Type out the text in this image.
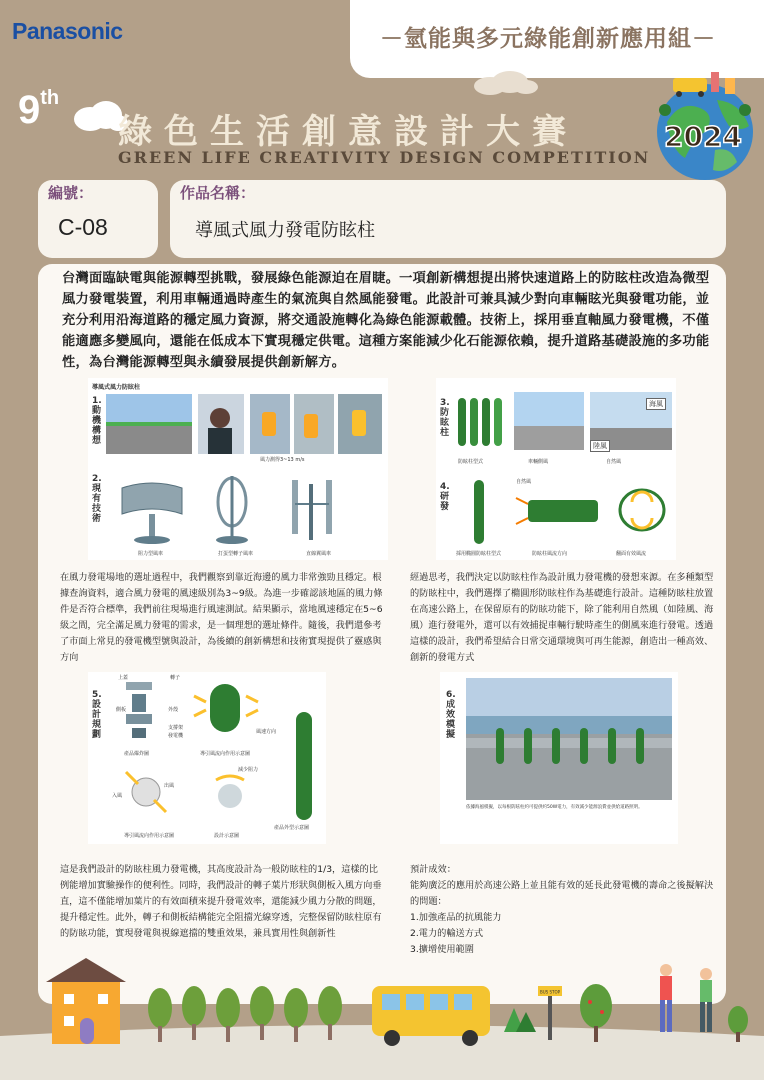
Panasonic	－氫能與多元綠能創新應用組－
9th
綠色生活創意設計大賽
GREEN LIFE CREATIVITY DESIGN COMPETITION
2024
編號：	作品名稱：
C-08	導風式風力發電防眩柱
台灣面臨缺電與能源轉型挑戰，發展綠色能源迫在眉睫。一項創新構想提出將快速道路上的防眩柱改造為微型風力發電裝置，利用車輛通過時產生的氣流與自然風能發電。此設計可兼具減少對向車輛眩光與發電功能，並充分利用沿海道路的穩定風力資源，將交通設施轉化為綠色能源載體。技術上，採用垂直軸風力發電機，不僅能適應多變風向，還能在低成本下實現穩定供電。這種方案能減少化石能源依賴，提升道路基礎設施的多功能性，為台灣能源轉型與永續發展提供創新解方。
導風式風力防眩柱
1.動機構想
風力測得3~13 m/s
2.現有技術
阻力型風車	打蛋型轉子風車	直線翼風車
3.防眩柱
海風
陸風
防眩柱型式	車輛側風	自然風
4.研發
自然風
採用橢圓防眩柱型式	防眩柱風流方向	翻面有效風流
在風力發電場地的選址過程中，我們觀察到靠近海邊的風力非常強勁且穩定。根據查詢資料，適合風力發電的風速級別為3~9級。為進一步確認該地區的風力條件是否符合標準，我們前往現場進行風速測試。結果顯示，當地風速穩定在5~6級之間，完全滿足風力發電的需求，是一個理想的選址條件。隨後，我們還參考了市面上常見的發電機型號與設計，為後續的創新構想和技術實現提供了靈感與方向
經過思考，我們決定以防眩柱作為設計風力發電機的發想來源。在多種類型的防眩柱中，我們選擇了橢圓形防眩柱作為基礎進行設計。這種防眩柱放置在高速公路上，在保留原有的防眩功能下，除了能利用自然風（如陸風、海風）進行發電外，還可以有效捕捉車輛行駛時產生的側風來進行發電。透過這樣的設計，我們希望結合日常交通環境與可再生能源，創造出一種高效、創新的發電方式
5.設計規劃
上蓋	轉子
側板	外殼
支撐架
發電機
風速方向
產品爆炸圖	導引風流向作用示意圖
入風
出風
減少阻力
導引風流向作用示意圖	設計示意圖
產品外型示意圖
6.成效模擬
依據海風模擬，以每根防眩柱約可提供約50W電力，有效減少能源浪費並供給道路照明。
這是我們設計的防眩柱風力發電機，其高度設計為一般防眩柱的1/3，這樣的比例能增加實驗操作的便利性。同時，我們設計的轉子葉片形狀與側板入風方向垂直，這不僅能增加葉片的有效面積來提升發電效率，還能減少風力分散的問題，提升穩定性。此外，轉子和側板結構能完全阻擋光線穿透，完整保留防眩柱原有的防眩功能，實現發電與視線遮擋的雙重效果，兼具實用性與創新性
預計成效：
能夠廣泛的應用於高速公路上並且能有效的延長此發電機的壽命之後擬解決的問題：
1.加強產品的抗風能力
2.電力的輸送方式
3.擴增使用範圍
BUS STOP
